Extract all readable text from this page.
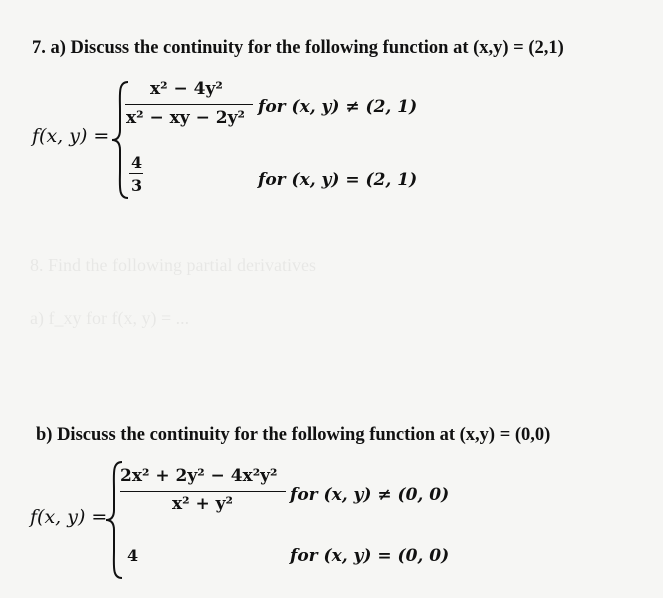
8. Find the following partial derivatives
a) f_xy for f(x, y) = ...
7. a) Discuss the continuity for the following function at (x,y) = (2,1)
f(x, y) =
x² − 4y²
x² − xy − 2y²
for (x, y) ≠ (2, 1)
4
3	for (x, y) = (2, 1)
b) Discuss the continuity for the following function at (x,y) = (0,0)
f(x, y) =
2x² + 2y² − 4x²y²
x² + y²	for (x, y) ≠ (0, 0)
4	for (x, y) = (0, 0)
